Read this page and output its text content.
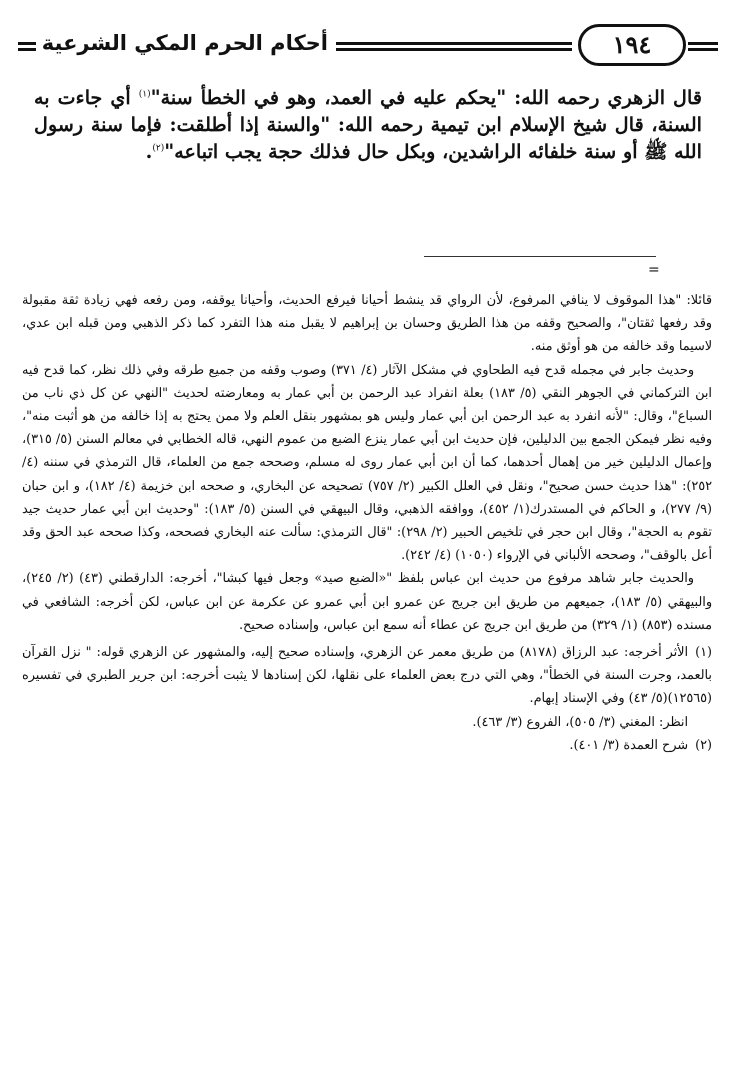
أحكام الحرم المكي الشرعية	١٩٤

قال الزهري رحمه الله: "يحكم عليه في العمد، وهو في الخطأ سنة"$^{(١)}$ أي جاءت به السنة، قال شيخ الإسلام ابن تيمية رحمه الله: "والسنة إذا أطلقت: فإما سنة رسول الله ﷺ أو سنة خلفائه الراشدين، وبكل حال فذلك حجة يجب اتباعه"$^{(٢)}$.

=

قائلا: "هذا الموقوف لا ينافي المرفوع، لأن الرواي قد ينشط أحيانا فيرفع الحديث، وأحيانا يوقفه، ومن رفعه فهي زيادة ثقة مقبولة وقد رفعها ثقتان"، والصحيح وقفه من هذا الطريق وحسان بن إبراهيم لا يقبل منه هذا التفرد كما ذكر الذهبي ومن قبله ابن عدي، لاسيما وقد خالفه من هو أوثق منه.

وحديث جابر في مجمله قدح فيه الطحاوي في مشكل الآثار (٤/ ٣٧١) وصوب وقفه من جميع طرقه وفي ذلك نظر، كما قدح فيه ابن التركماني في الجوهر النقي (٥/ ١٨٣) بعلة انفراد عبد الرحمن بن أبي عمار به ومعارضته لحديث "النهي عن كل ذي ناب من السباع"، وقال: "لأنه انفرد به عبد الرحمن ابن أبي عمار وليس هو بمشهور بنقل العلم ولا ممن يحتج به إذا خالفه من هو أثبت منه"، وفيه نظر فيمكن الجمع بين الدليلين، فإن حديث ابن أبي عمار ينزع الضبع من عموم النهي، قاله الخطابي في معالم السنن (٥/ ٣١٥)، وإعمال الدليلين خير من إهمال أحدهما، كما أن ابن أبي عمار روى له مسلم، وصححه جمع من العلماء، قال الترمذي في سننه (٤/ ٢٥٢): "هذا حديث حسن صحيح"، ونقل في العلل الكبير (٢/ ٧٥٧) تصحيحه عن البخاري، و صححه ابن خزيمة (٤/ ١٨٢)، و ابن حبان (٩/ ٢٧٧)، و الحاكم في المستدرك(١/ ٤٥٢)، ووافقه الذهبي، وقال البيهقي في السنن (٥/ ١٨٣): "وحديث ابن أبي عمار حديث جيد تقوم به الحجة"، وقال ابن حجر في تلخيص الحبير (٢/ ٢٩٨): "قال الترمذي: سألت عنه البخاري فصححه، وكذا صححه عبد الحق وقد أعل بالوقف"، وصححه الألباني في الإرواء (١٠٥٠) (٤/ ٢٤٢).

والحديث جابر شاهد مرفوع من حديث ابن عباس بلفظ "«الضبع صيد» وجعل فيها كبشا"، أخرجه: الدارقطني (٤٣) (٢/ ٢٤٥)، والبيهقي (٥/ ١٨٣)، جميعهم من طريق ابن جريج عن عمرو ابن أبي عمرو عن عكرمة عن ابن عباس، لكن أخرجه: الشافعي في مسنده (٨٥٣) (١/ ٣٢٩) من طريق ابن جريج عن عطاء أنه سمع ابن عباس، وإسناده صحيح.

(١)الأثر أخرجه: عبد الرزاق (٨١٧٨) من طريق معمر عن الزهري، وإسناده صحيح إليه، والمشهور عن الزهري قوله: " نزل القرآن بالعمد، وجرت السنة في الخطأ"، وهي التي درج بعض العلماء على نقلها، لكن إسنادها لا يثبت أخرجه: ابن جرير الطبري في تفسيره (١٢٥٦٥)(٥/ ٤٣) وفي الإسناد إبهام.

انظر: المغني (٣/ ٥٠٥)، الفروع (٣/ ٤٦٣).

(٢)شرح العمدة (٣/ ٤٠١).
